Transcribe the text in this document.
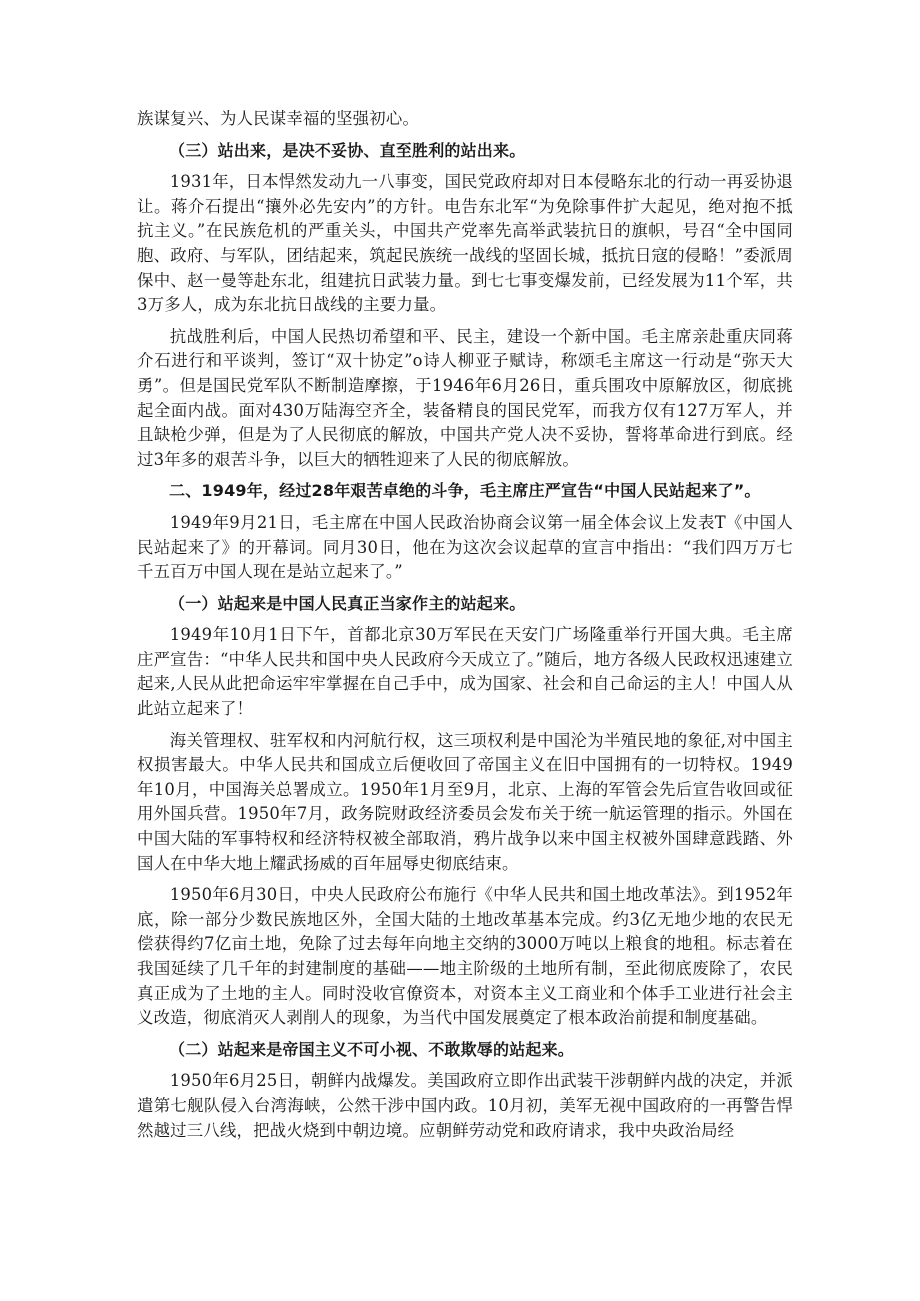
族谋复兴、为人民谋幸福的坚强初心。

（三）站出来，是决不妥协、直至胜利的站出来。

1931年，日本悍然发动九一八事变，国民党政府却对日本侵略东北的行动一再妥协退让。蒋介石提出“攘外必先安内”的方针。电告东北军“为免除事件扩大起见，绝对抱不抵抗主义。”在民族危机的严重关头，中国共产党率先高举武装抗日的旗帜，号召“全中国同胞、政府、与军队，团结起来，筑起民族统一战线的坚固长城，抵抗日寇的侵略！”委派周保中、赵一曼等赴东北，组建抗日武装力量。到七七事变爆发前，已经发展为11个军，共3万多人，成为东北抗日战线的主要力量。

抗战胜利后，中国人民热切希望和平、民主，建设一个新中国。毛主席亲赴重庆同蒋介石进行和平谈判，签订“双十协定”o诗人柳亚子赋诗，称颂毛主席这一行动是“弥天大勇”。但是国民党军队不断制造摩擦，于1946年6月26日，重兵围攻中原解放区，彻底挑起全面内战。面对430万陆海空齐全，装备精良的国民党军，而我方仅有127万军人，并且缺枪少弹，但是为了人民彻底的解放，中国共产党人决不妥协，誓将革命进行到底。经过3年多的艰苦斗争，以巨大的牺牲迎来了人民的彻底解放。

二、1949年，经过28年艰苦卓绝的斗争，毛主席庄严宣告“中国人民站起来了”。

1949年9月21日，毛主席在中国人民政治协商会议第一届全体会议上发表T《中国人民站起来了》的开幕词。同月30日，他在为这次会议起草的宣言中指出：“我们四万万七千五百万中国人现在是站立起来了。”

（一）站起来是中国人民真正当家作主的站起来。

1949年10月1日下午，首都北京30万军民在天安门广场隆重举行开国大典。毛主席庄严宣告：“中华人民共和国中央人民政府今天成立了。”随后，地方各级人民政权迅速建立起来,人民从此把命运牢牢掌握在自己手中，成为国家、社会和自己命运的主人！中国人从此站立起来了！

海关管理权、驻军权和内河航行权，这三项权利是中国沦为半殖民地的象征,对中国主权损害最大。中华人民共和国成立后便收回了帝国主义在旧中国拥有的一切特权。1949年10月，中国海关总署成立。1950年1月至9月，北京、上海的军管会先后宣告收回或征用外国兵营。1950年7月，政务院财政经济委员会发布关于统一航运管理的指示。外国在中国大陆的军事特权和经济特权被全部取消，鸦片战争以来中国主权被外国肆意践踏、外国人在中华大地上耀武扬威的百年屈辱史彻底结束。

1950年6月30日，中央人民政府公布施行《中华人民共和国土地改革法》。到1952年底，除一部分少数民族地区外，全国大陆的土地改革基本完成。约3亿无地少地的农民无偿获得约7亿亩土地，免除了过去每年向地主交纳的3000万吨以上粮食的地租。标志着在我国延续了几千年的封建制度的基础——地主阶级的土地所有制，至此彻底废除了，农民真正成为了土地的主人。同时没收官僚资本，对资本主义工商业和个体手工业进行社会主义改造，彻底消灭人剥削人的现象，为当代中国发展奠定了根本政治前提和制度基础。

（二）站起来是帝国主义不可小视、不敢欺辱的站起来。

1950年6月25日，朝鲜内战爆发。美国政府立即作出武装干涉朝鲜内战的决定，并派遣第七舰队侵入台湾海峡，公然干涉中国内政。10月初，美军无视中国政府的一再警告悍然越过三八线，把战火烧到中朝边境。应朝鲜劳动党和政府请求，我中央政治局经
